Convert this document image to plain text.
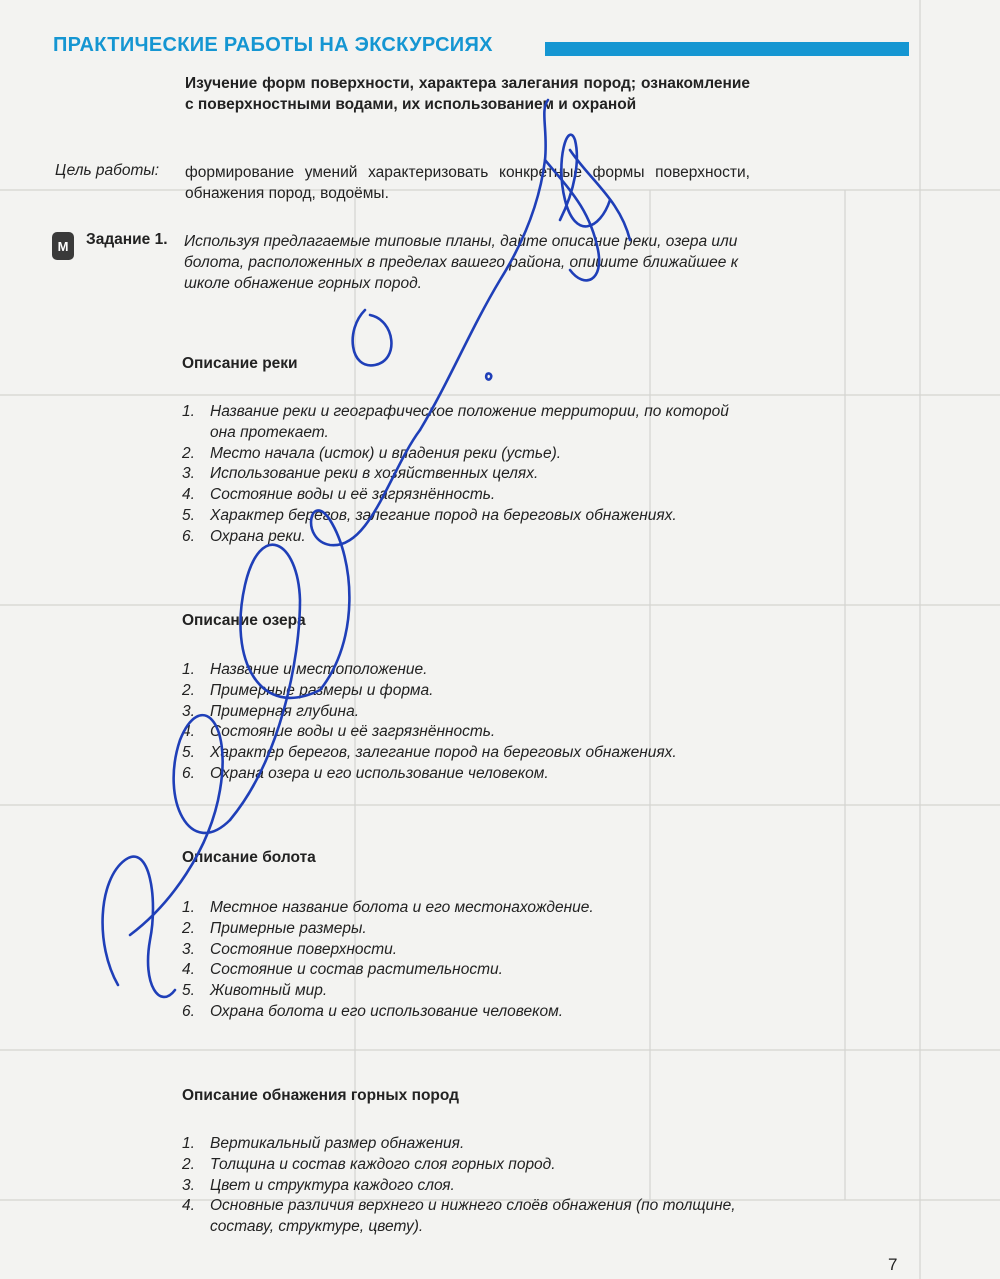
ПРАКТИЧЕСКИЕ РАБОТЫ НА ЭКСКУРСИЯХ
Изучение форм поверхности, характера залегания пород; ознакомление с поверхностными водами, их использованием и охраной
Цель работы: формирование умений характеризовать конкретные формы поверхности, обнажения пород, водоёмы.
M	Задание 1. Используя предлагаемые типовые планы, дайте описание реки, озера или болота, расположенных в пределах вашего района, опишите ближайшее к школе обнажение горных пород.
Описание реки
1. Название реки и географическое положение территории, по которой она протекает.
2. Место начала (исток) и впадения реки (устье).
3. Использование реки в хозяйственных целях.
4. Состояние воды и её загрязнённость.
5. Характер берегов, залегание пород на береговых обнажениях.
6. Охрана реки.
Описание озера
1. Название и местоположение.
2. Примерные размеры и форма.
3. Примерная глубина.
4. Состояние воды и её загрязнённость.
5. Характер берегов, залегание пород на береговых обнажениях.
6. Охрана озера и его использование человеком.
Описание болота
1. Местное название болота и его местонахождение.
2. Примерные размеры.
3. Состояние поверхности.
4. Состояние и состав растительности.
5. Животный мир.
6. Охрана болота и его использование человеком.
Описание обнажения горных пород
1. Вертикальный размер обнажения.
2. Толщина и состав каждого слоя горных пород.
3. Цвет и структура каждого слоя.
4. Основные различия верхнего и нижнего слоёв обнажения (по толщине, составу, структуре, цвету).
7
